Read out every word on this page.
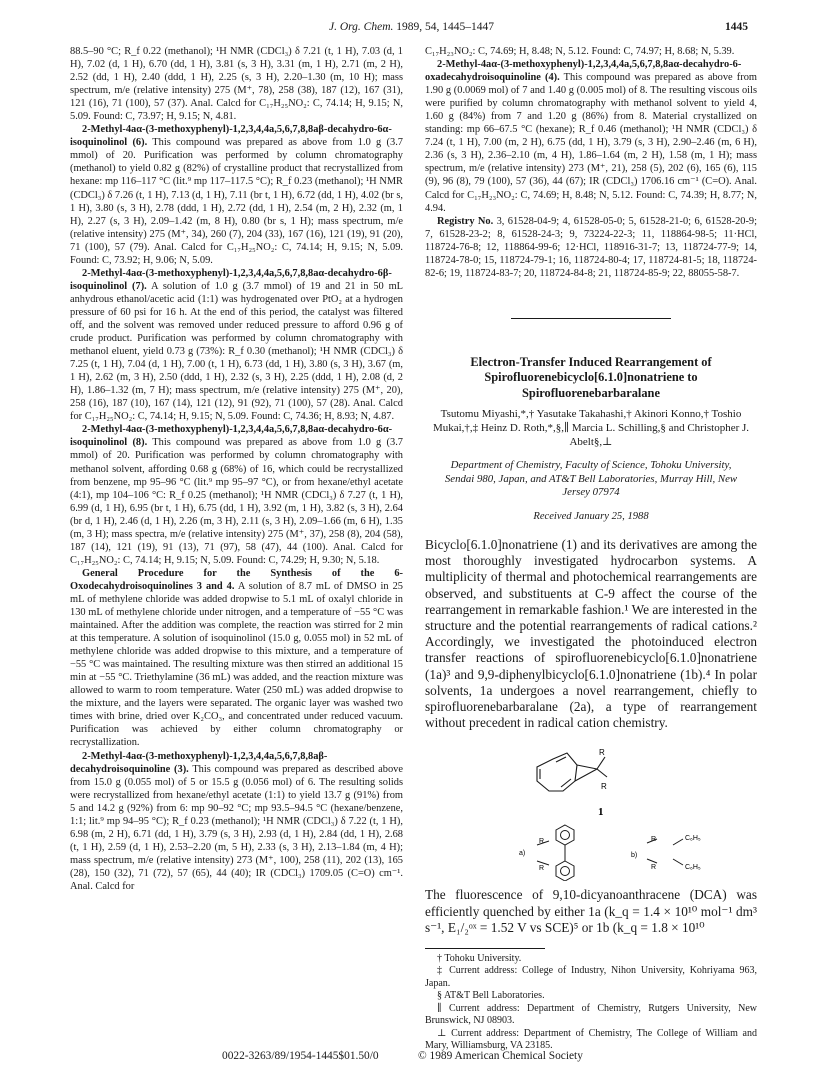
J. Org. Chem. 1989, 54, 1445–1447	1445

88.5–90 °C; R_f 0.22 (methanol); ¹H NMR (CDCl₃) δ 7.21 (t, 1 H), 7.03 (d, 1 H), 7.02 (d, 1 H), 6.70 (dd, 1 H), 3.81 (s, 3 H), 3.31 (m, 1 H), 2.71 (m, 2 H), 2.52 (dd, 1 H), 2.40 (ddd, 1 H), 2.25 (s, 3 H), 2.20–1.30 (m, 10 H); mass spectrum, m/e (relative intensity) 275 (M⁺, 78), 258 (38), 187 (12), 167 (31), 121 (16), 71 (100), 57 (37). Anal. Calcd for C₁₇H₂₅NO₂: C, 74.14; H, 9.15; N, 5.09. Found: C, 73.97; H, 9.15; N, 4.81.

2-Methyl-4aα-(3-methoxyphenyl)-1,2,3,4,4a,5,6,7,8,8aβ-decahydro-6α-isoquinolinol (6). This compound was prepared as above from 1.0 g (3.7 mmol) of 20. Purification was performed by column chromatography (methanol) to yield 0.82 g (82%) of crystalline product that recrystallized from hexane: mp 116–117 °C (lit.⁹ mp 117–117.5 °C); R_f 0.23 (methanol); ¹H NMR (CDCl₃) δ 7.26 (t, 1 H), 7.13 (d, 1 H), 7.11 (br t, 1 H), 6.72 (dd, 1 H), 4.02 (br s, 1 H), 3.80 (s, 3 H), 2.78 (ddd, 1 H), 2.72 (dd, 1 H), 2.54 (m, 2 H), 2.32 (m, 1 H), 2.27 (s, 3 H), 2.09–1.42 (m, 8 H), 0.80 (br s, 1 H); mass spectrum, m/e (relative intensity) 275 (M⁺, 34), 260 (7), 204 (33), 167 (16), 121 (19), 91 (20), 71 (100), 57 (79). Anal. Calcd for C₁₇H₂₅NO₂: C, 74.14; H, 9.15; N, 5.09. Found: C, 73.92; H, 9.06; N, 5.09.

2-Methyl-4aα-(3-methoxyphenyl)-1,2,3,4,4a,5,6,7,8,8aα-decahydro-6β-isoquinolinol (7). A solution of 1.0 g (3.7 mmol) of 19 and 21 in 50 mL anhydrous ethanol/acetic acid (1:1) was hydrogenated over PtO₂ at a hydrogen pressure of 60 psi for 16 h. At the end of this period, the catalyst was filtered off, and the solvent was removed under reduced pressure to afford 0.96 g of crude product. Purification was performed by column chromatography with methanol eluent, yield 0.73 g (73%): R_f 0.30 (methanol); ¹H NMR (CDCl₃) δ 7.25 (t, 1 H), 7.04 (d, 1 H), 7.00 (t, 1 H), 6.73 (dd, 1 H), 3.80 (s, 3 H), 3.67 (m, 1 H), 2.62 (m, 3 H), 2.50 (ddd, 1 H), 2.32 (s, 3 H), 2.25 (ddd, 1 H), 2.08 (d, 2 H), 1.86–1.32 (m, 7 H); mass spectrum, m/e (relative intensity) 275 (M⁺, 20), 258 (16), 187 (10), 167 (14), 121 (12), 91 (92), 71 (100), 57 (28). Anal. Calcd for C₁₇H₂₅NO₂: C, 74.14; H, 9.15; N, 5.09. Found: C, 74.36; H, 8.93; N, 4.87.

2-Methyl-4aα-(3-methoxyphenyl)-1,2,3,4,4a,5,6,7,8,8aα-decahydro-6α-isoquinolinol (8). This compound was prepared as above from 1.0 g (3.7 mmol) of 20. Purification was performed by column chromatography with methanol solvent, affording 0.68 g (68%) of 16, which could be recrystallized from benzene, mp 95–96 °C (lit.⁹ mp 95–97 °C), or from hexane/ethyl acetate (4:1), mp 104–106 °C: R_f 0.25 (methanol); ¹H NMR (CDCl₃) δ 7.27 (t, 1 H), 6.99 (d, 1 H), 6.95 (br t, 1 H), 6.75 (dd, 1 H), 3.92 (m, 1 H), 3.82 (s, 3 H), 2.64 (br d, 1 H), 2.46 (d, 1 H), 2.26 (m, 3 H), 2.11 (s, 3 H), 2.09–1.66 (m, 6 H), 1.35 (m, 3 H); mass spectra, m/e (relative intensity) 275 (M⁺, 37), 258 (8), 204 (58), 187 (14), 121 (19), 91 (13), 71 (97), 58 (47), 44 (100). Anal. Calcd for C₁₇H₂₅NO₂: C, 74.14; H, 9.15; N, 5.09. Found: C, 74.29; H, 9.30; N, 5.18.

General Procedure for the Synthesis of the 6-Oxodecahydroisoquinolines 3 and 4. A solution of 8.7 mL of DMSO in 25 mL of methylene chloride was added dropwise to 5.1 mL of oxalyl chloride in 130 mL of methylene chloride under nitrogen, and a temperature of −55 °C was maintained. After the addition was complete, the reaction was stirred for 2 min at this temperature. A solution of isoquinolinol (15.0 g, 0.055 mol) in 52 mL of methylene chloride was added dropwise to this mixture, and a temperature of −55 °C was maintained. The resulting mixture was then stirred an additional 15 min at −55 °C. Triethylamine (36 mL) was added, and the reaction mixture was allowed to warm to room temperature. Water (250 mL) was added dropwise to the mixture, and the layers were separated. The organic layer was washed two times with brine, dried over K₂CO₃, and concentrated under reduced vacuum. Purification was achieved by either column chromatography or recrystallization.

2-Methyl-4aα-(3-methoxyphenyl)-1,2,3,4,4a,5,6,7,8,8aβ-decahydroisoquinoline (3). This compound was prepared as described above from 15.0 g (0.055 mol) of 5 or 15.5 g (0.056 mol) of 6. The resulting solids were recrystallized from hexane/ethyl acetate (1:1) to yield 13.7 g (91%) from 5 and 14.2 g (92%) from 6: mp 90–92 °C; mp 93.5–94.5 °C (hexane/benzene, 1:1; lit.⁹ mp 94–95 °C); R_f 0.23 (methanol); ¹H NMR (CDCl₃) δ 7.22 (t, 1 H), 6.98 (m, 2 H), 6.71 (dd, 1 H), 3.79 (s, 3 H), 2.93 (d, 1 H), 2.84 (dd, 1 H), 2.68 (t, 1 H), 2.59 (d, 1 H), 2.53–2.20 (m, 5 H), 2.33 (s, 3 H), 2.13–1.84 (m, 4 H); mass spectrum, m/e (relative intensity) 273 (M⁺, 100), 258 (11), 202 (13), 165 (28), 150 (32), 71 (72), 57 (65), 44 (40); IR (CDCl₃) 1709.05 (C=O) cm⁻¹. Anal. Calcd for

C₁₇H₂₃NO₂: C, 74.69; H, 8.48; N, 5.12. Found: C, 74.97; H, 8.68; N, 5.39.

2-Methyl-4aα-(3-methoxyphenyl)-1,2,3,4,4a,5,6,7,8,8aα-decahydro-6-oxadecahydroisoquinoline (4). This compound was prepared as above from 1.90 g (0.0069 mol) of 7 and 1.40 g (0.005 mol) of 8. The resulting viscous oils were purified by column chromatography with methanol solvent to yield 4, 1.60 g (84%) from 7 and 1.20 g (86%) from 8. Material crystallized on standing: mp 66–67.5 °C (hexane); R_f 0.46 (methanol); ¹H NMR (CDCl₃) δ 7.24 (t, 1 H), 7.00 (m, 2 H), 6.75 (dd, 1 H), 3.79 (s, 3 H), 2.90–2.46 (m, 6 H), 2.36 (s, 3 H), 2.36–2.10 (m, 4 H), 1.86–1.64 (m, 2 H), 1.58 (m, 1 H); mass spectrum, m/e (relative intensity) 273 (M⁺, 21), 258 (5), 202 (6), 165 (6), 115 (9), 96 (8), 79 (100), 57 (36), 44 (67); IR (CDCl₃) 1706.16 cm⁻¹ (C=O). Anal. Calcd for C₁₇H₂₃NO₂: C, 74.69; H, 8.48; N, 5.12. Found: C, 74.39; H, 8.77; N, 4.94.

Registry No. 3, 61528-04-9; 4, 61528-05-0; 5, 61528-21-0; 6, 61528-20-9; 7, 61528-23-2; 8, 61528-24-3; 9, 73224-22-3; 11, 118864-98-5; 11·HCl, 118724-76-8; 12, 118864-99-6; 12·HCl, 118916-31-7; 13, 118724-77-9; 14, 118724-78-0; 15, 118724-79-1; 16, 118724-80-4; 17, 118724-81-5; 18, 118724-82-6; 19, 118724-83-7; 20, 118724-84-8; 21, 118724-85-9; 22, 88055-58-7.

Electron-Transfer Induced Rearrangement of Spirofluorenebicyclo[6.1.0]nonatriene to Spirofluorenebarbaralane
Tsutomu Miyashi,*,† Yasutake Takahashi,† Akinori Konno,† Toshio Mukai,†,‡ Heinz D. Roth,*,§,∥ Marcia L. Schilling,§ and Christopher J. Abelt§,⊥
Department of Chemistry, Faculty of Science, Tohoku University, Sendai 980, Japan, and AT&T Bell Laboratories, Murray Hill, New Jersey 07974
Received January 25, 1988

Bicyclo[6.1.0]nonatriene (1) and its derivatives are among the most thoroughly investigated hydrocarbon systems. A multiplicity of thermal and photochemical rearrangements are observed, and substituents at C-9 affect the course of the rearrangement in remarkable fashion.¹ We are interested in the structure and the potential rearrangements of radical cations.² Accordingly, we investigated the photoinduced electron transfer reactions of spirofluorenebicyclo[6.1.0]nonatriene (1a)³ and 9,9-diphenylbicyclo[6.1.0]nonatriene (1b).⁴ In polar solvents, 1a undergoes a novel rearrangement, chiefly to spirofluorenebarbaralane (2a), a type of rearrangement without precedent in radical cation chemistry.

R
R
1
a)
R
R
b)
R
R
C₆H₅
C₆H₅

The fluorescence of 9,10-dicyanoanthracene (DCA) was efficiently quenched by either 1a (k_q = 1.4 × 10¹⁰ mol⁻¹ dm³ s⁻¹, E₁/₂ᵒˣ = 1.52 V vs SCE)⁵ or 1b (k_q = 1.8 × 10¹⁰

† Tohoku University.

‡ Current address: College of Industry, Nihon University, Kohriyama 963, Japan.

§ AT&T Bell Laboratories.

∥ Current address: Department of Chemistry, Rutgers University, New Brunswick, NJ 08903.

⊥ Current address: Department of Chemistry, The College of William and Mary, Williamsburg, VA 23185.

0022-3263/89/1954-1445$01.50/0	© 1989 American Chemical Society
